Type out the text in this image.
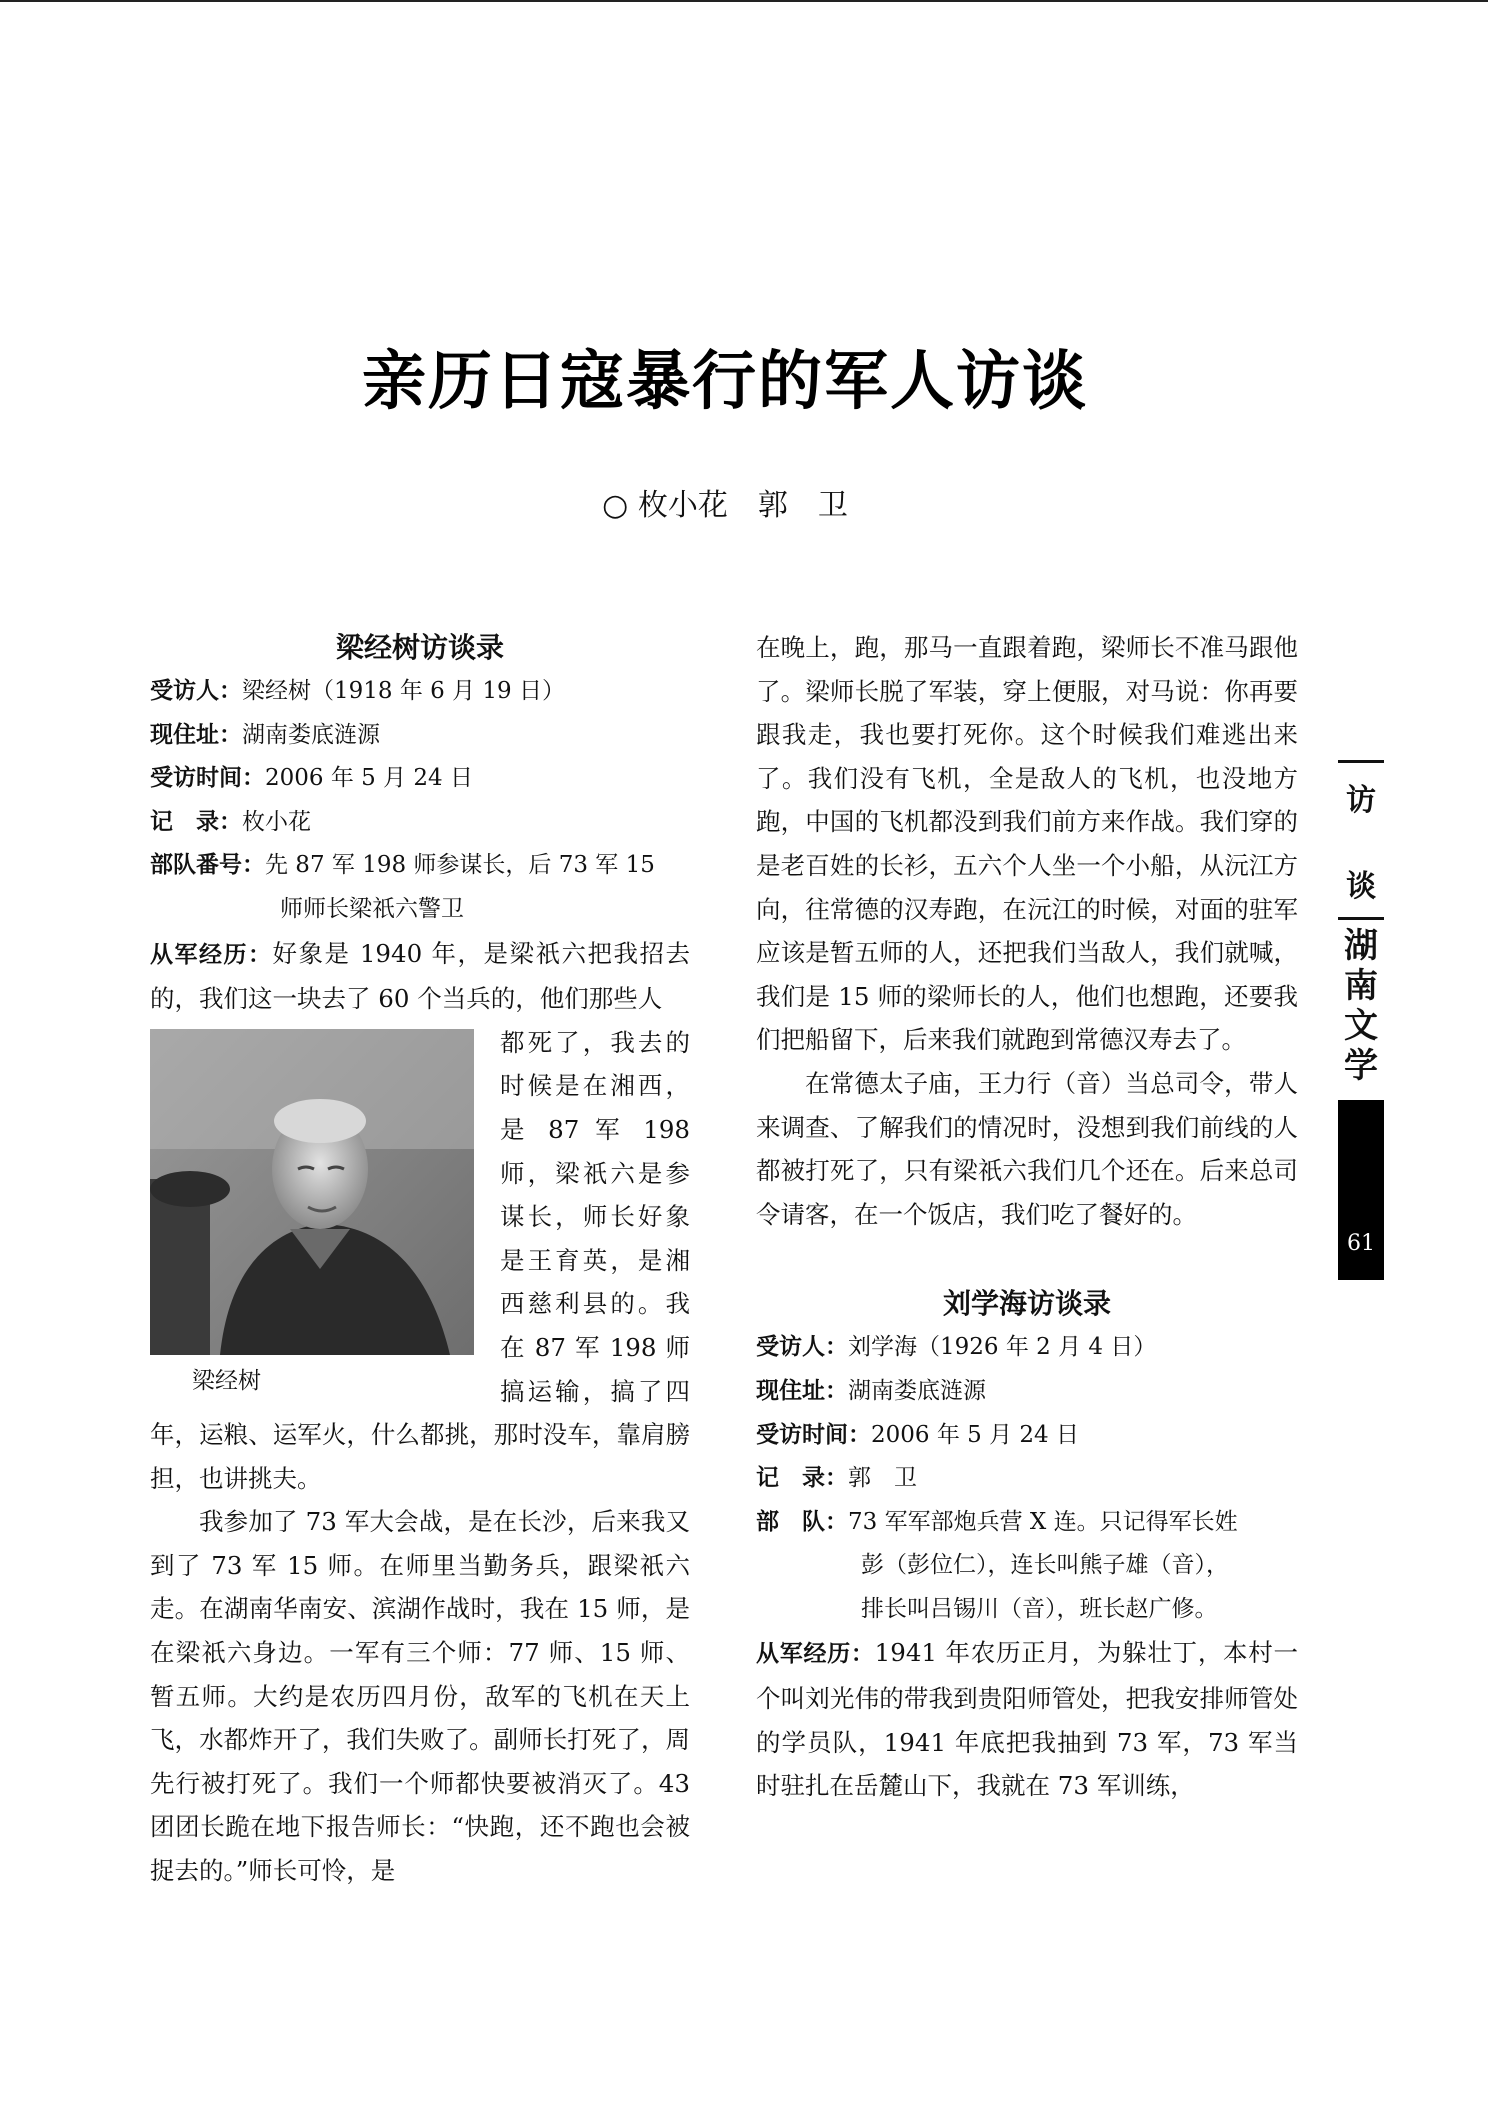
亲历日寇暴行的军人访谈
○ 枚小花　郭　卫
梁经树访谈录
受访人： 梁经树（1918 年 6 月 19 日）
现住址： 湖南娄底涟源
受访时间： 2006 年 5 月 24 日
记　录： 枚小花
部队番号： 先 87 军 198 师参谋长，后 73 军 15
师师长梁祇六警卫
从军经历：好象是 1940 年，是梁祇六把我招去的，我们这一块去了 60 个当兵的，他们那些人
梁经树
都死了，我去的时候是在湘西，是 87 军 198 师，梁祇六是参谋长，师长好象是王育英，是湘西慈利县的。我在 87 军 198 师搞运输，搞了四年，运粮、运军火，什么都挑，那时没车，靠肩膀担，也讲挑夫。
我参加了 73 军大会战，是在长沙，后来我又到了 73 军 15 师。在师里当勤务兵，跟梁祇六走。在湖南华南安、滨湖作战时，我在 15 师，是在梁祇六身边。一军有三个师：77 师、15 师、暂五师。大约是农历四月份，敌军的飞机在天上飞，水都炸开了，我们失败了。副师长打死了，周先行被打死了。我们一个师都快要被消灭了。43 团团长跪在地下报告师长：“快跑，还不跑也会被捉去的。”师长可怜，是
在晚上，跑，那马一直跟着跑，梁师长不准马跟他了。梁师长脱了军装，穿上便服，对马说：你再要跟我走，我也要打死你。这个时候我们难逃出来了。我们没有飞机，全是敌人的飞机，也没地方跑，中国的飞机都没到我们前方来作战。我们穿的是老百姓的长衫，五六个人坐一个小船，从沅江方向，往常德的汉寿跑，在沅江的时候，对面的驻军应该是暂五师的人，还把我们当敌人，我们就喊，我们是 15 师的梁师长的人，他们也想跑，还要我们把船留下，后来我们就跑到常德汉寿去了。
在常德太子庙，王力行（音）当总司令，带人来调查、了解我们的情况时，没想到我们前线的人都被打死了，只有梁祇六我们几个还在。后来总司令请客，在一个饭店，我们吃了餐好的。
刘学海访谈录
受访人： 刘学海（1926 年 2 月 4 日）
现住址： 湖南娄底涟源
受访时间： 2006 年 5 月 24 日
记　录： 郭　卫
部　队： 73 军军部炮兵营 X 连。只记得军长姓
彭（彭位仁），连长叫熊子雄（音），
排长叫吕锡川（音），班长赵广修。
从军经历：1941 年农历正月，为躲壮丁，本村一个叫刘光伟的带我到贵阳师管处，把我安排师管处的学员队，1941 年底把我抽到 73 军，73 军当时驻扎在岳麓山下，我就在 73 军训练，
访
谈
湖
南
文
学
61
